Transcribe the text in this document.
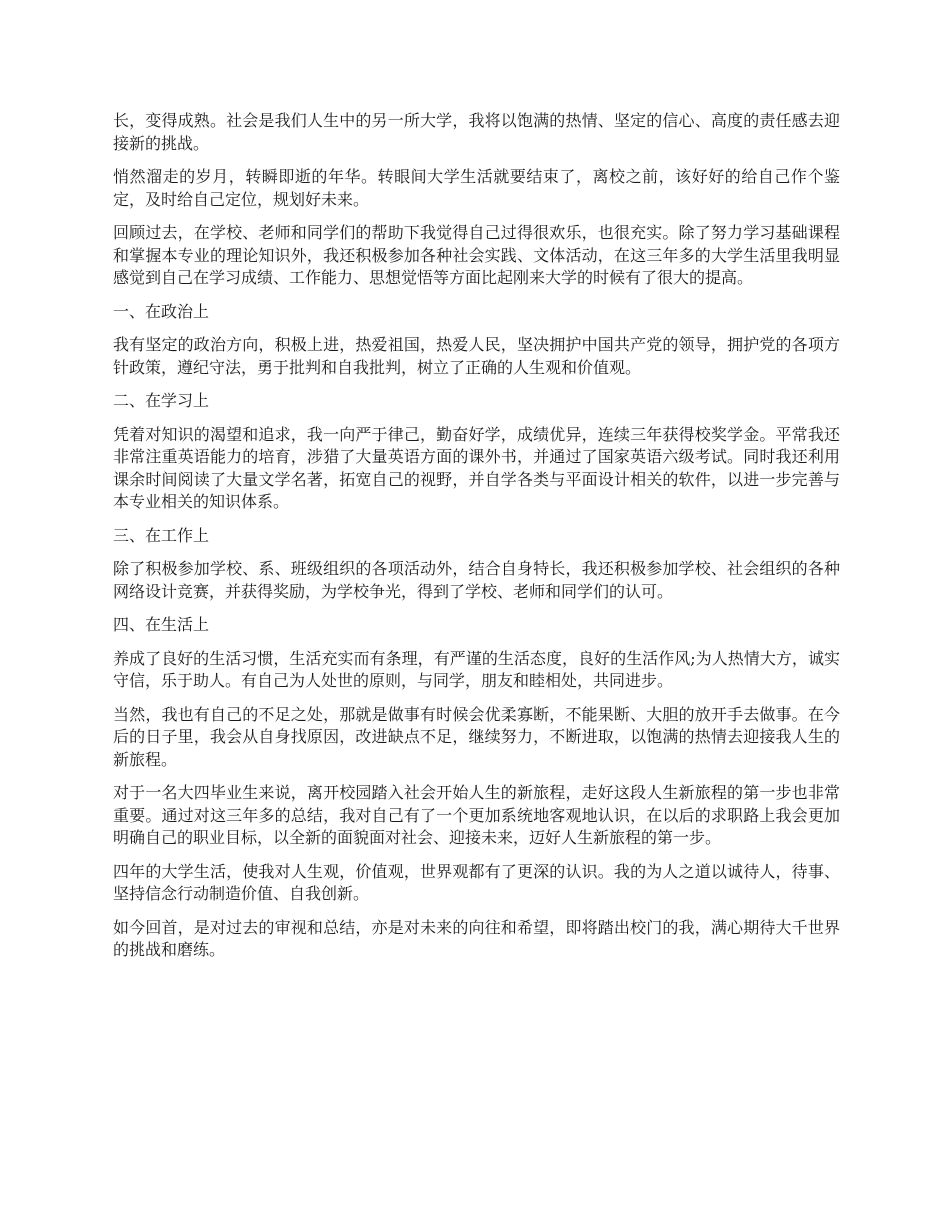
长，变得成熟。社会是我们人生中的另一所大学，我将以饱满的热情、坚定的信心、高度的责任感去迎接新的挑战。

悄然溜走的岁月，转瞬即逝的年华。转眼间大学生活就要结束了，离校之前，该好好的给自己作个鉴定，及时给自己定位，规划好未来。

回顾过去，在学校、老师和同学们的帮助下我觉得自己过得很欢乐，也很充实。除了努力学习基础课程和掌握本专业的理论知识外，我还积极参加各种社会实践、文体活动，在这三年多的大学生活里我明显感觉到自己在学习成绩、工作能力、思想觉悟等方面比起刚来大学的时候有了很大的提高。

一、在政治上

我有坚定的政治方向，积极上进，热爱祖国，热爱人民，坚决拥护中国共产党的领导，拥护党的各项方针政策，遵纪守法，勇于批判和自我批判，树立了正确的人生观和价值观。

二、在学习上

凭着对知识的渴望和追求，我一向严于律己，勤奋好学，成绩优异，连续三年获得校奖学金。平常我还非常注重英语能力的培育，涉猎了大量英语方面的课外书，并通过了国家英语六级考试。同时我还利用课余时间阅读了大量文学名著，拓宽自己的视野，并自学各类与平面设计相关的软件，以进一步完善与本专业相关的知识体系。

三、在工作上

除了积极参加学校、系、班级组织的各项活动外，结合自身特长，我还积极参加学校、社会组织的各种网络设计竞赛，并获得奖励，为学校争光，得到了学校、老师和同学们的认可。

四、在生活上

养成了良好的生活习惯，生活充实而有条理，有严谨的生活态度，良好的生活作风;为人热情大方，诚实守信，乐于助人。有自己为人处世的原则，与同学，朋友和睦相处，共同进步。

当然，我也有自己的不足之处，那就是做事有时候会优柔寡断，不能果断、大胆的放开手去做事。在今后的日子里，我会从自身找原因，改进缺点不足，继续努力，不断进取，以饱满的热情去迎接我人生的新旅程。

对于一名大四毕业生来说，离开校园踏入社会开始人生的新旅程，走好这段人生新旅程的第一步也非常重要。通过对这三年多的总结，我对自己有了一个更加系统地客观地认识，在以后的求职路上我会更加明确自己的职业目标，以全新的面貌面对社会、迎接未来，迈好人生新旅程的第一步。

四年的大学生活，使我对人生观，价值观，世界观都有了更深的认识。我的为人之道以诚待人，待事、坚持信念行动制造价值、自我创新。

如今回首，是对过去的审视和总结，亦是对未来的向往和希望，即将踏出校门的我，满心期待大千世界的挑战和磨练。
